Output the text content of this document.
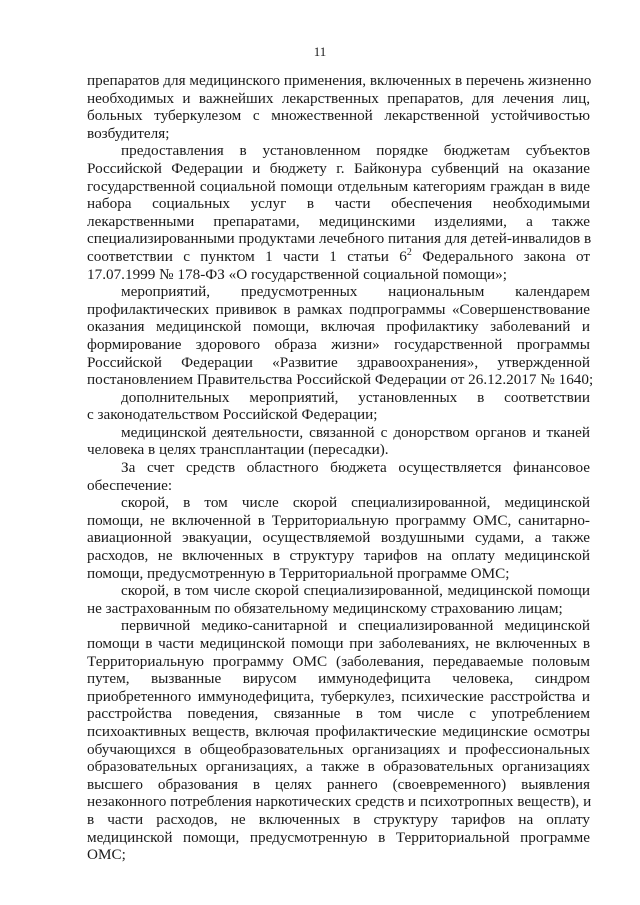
11

препаратов для медицинского применения, включенных в перечень жизненно
необходимых и важнейших лекарственных препаратов, для лечения лиц,
больных туберкулезом с множественной лекарственной устойчивостью
возбудителя;

предоставления в установленном порядке бюджетам субъектов
Российской Федерации и бюджету г. Байконура субвенций на оказание
государственной социальной помощи отдельным категориям граждан в виде
набора социальных услуг в части обеспечения необходимыми
лекарственными препаратами, медицинскими изделиями, а также
специализированными продуктами лечебного питания для детей-инвалидов в
соответствии с пунктом 1 части 1 статьи $6^2$ Федерального закона от
17.07.1999 № 178-ФЗ «О государственной социальной помощи»;

мероприятий, предусмотренных национальным календарем
профилактических прививок в рамках подпрограммы «Совершенствование
оказания медицинской помощи, включая профилактику заболеваний и
формирование здорового образа жизни» государственной программы
Российской Федерации «Развитие здравоохранения», утвержденной
постановлением Правительства Российской Федерации от 26.12.2017 № 1640;

дополнительных мероприятий, установленных в соответствии
с законодательством Российской Федерации;

медицинской деятельности, связанной с донорством органов и тканей
человека в целях трансплантации (пересадки).

За счет средств областного бюджета осуществляется финансовое
обеспечение:

скорой, в том числе скорой специализированной, медицинской
помощи, не включенной в Территориальную программу ОМС, санитарно-
авиационной эвакуации, осуществляемой воздушными судами, а также
расходов, не включенных в структуру тарифов на оплату медицинской
помощи, предусмотренную в Территориальной программе ОМС;

скорой, в том числе скорой специализированной, медицинской помощи
не застрахованным по обязательному медицинскому страхованию лицам;

первичной медико-санитарной и специализированной медицинской
помощи в части медицинской помощи при заболеваниях, не включенных в
Территориальную программу ОМС (заболевания, передаваемые половым
путем, вызванные вирусом иммунодефицита человека, синдром
приобретенного иммунодефицита, туберкулез, психические расстройства и
расстройства поведения, связанные в том числе с употреблением
психоактивных веществ, включая профилактические медицинские осмотры
обучающихся в общеобразовательных организациях и профессиональных
образовательных организациях, а также в образовательных организациях
высшего образования в целях раннего (своевременного) выявления
незаконного потребления наркотических средств и психотропных веществ), и
в части расходов, не включенных в структуру тарифов на оплату
медицинской помощи, предусмотренную в Территориальной программе
ОМС;
